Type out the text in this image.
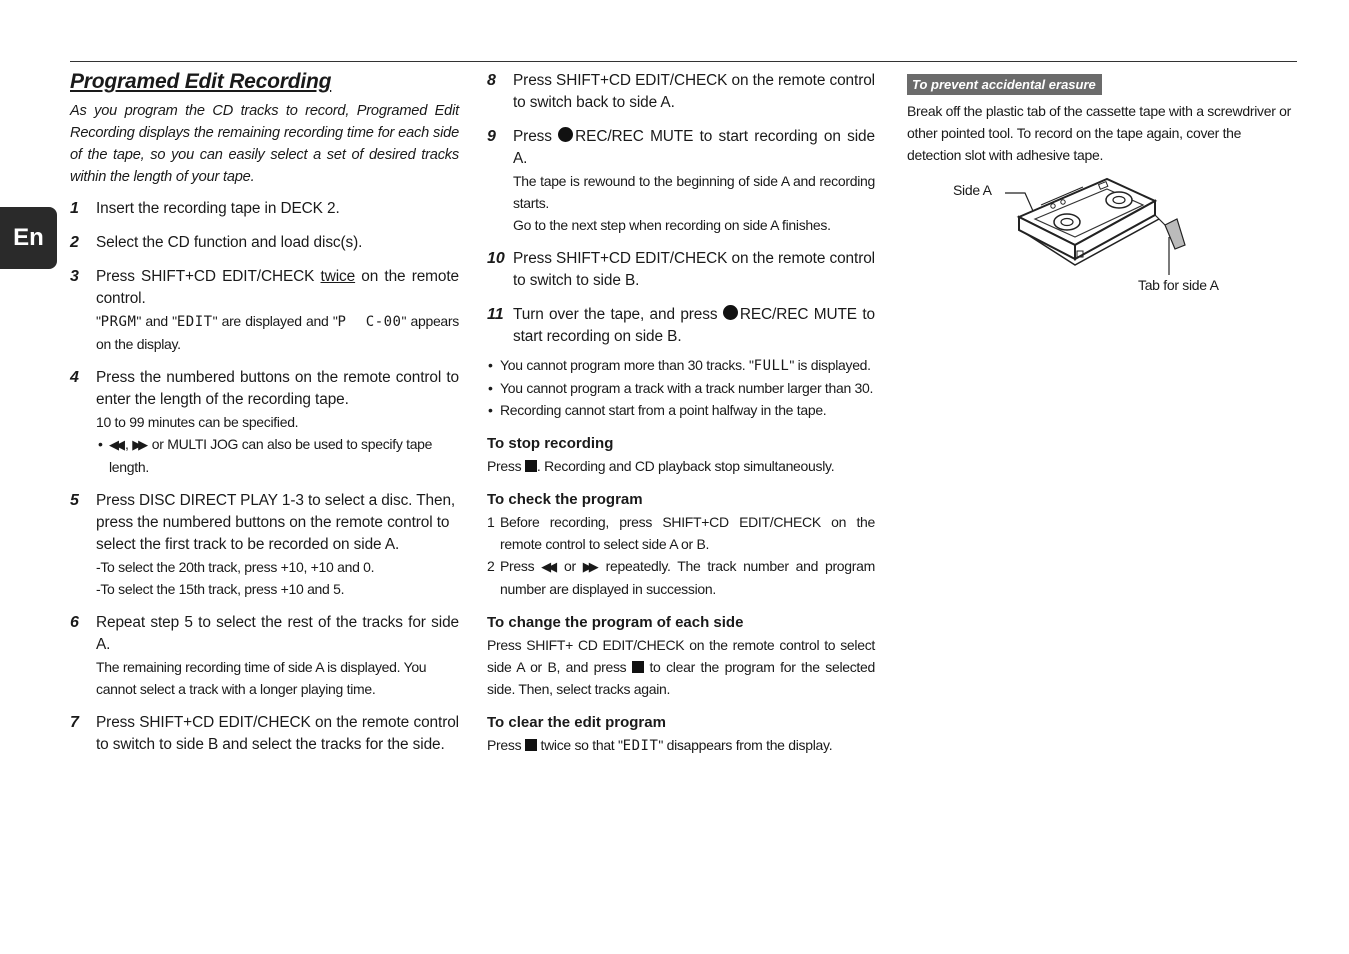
En
Programed Edit Recording

As you program the CD tracks to record, Programed Edit Recording displays the remaining recording time for each side of the tape, so you can easily select a set of desired tracks within the length of your tape.

1 Insert the recording tape in DECK 2.
2 Select the CD function and load disc(s).
3 Press SHIFT+CD EDIT/CHECK twice on the remote control.
"PRGM" and "EDIT" are displayed and "P  C-00" appears on the display.
4 Press the numbered buttons on the remote control to enter the length of the recording tape.
10 to 99 minutes can be specified.
• ◀◀ , ▶▶ or MULTI JOG can also be used to specify tape length.
5 Press DISC DIRECT PLAY 1-3 to select a disc. Then, press the numbered buttons on the remote control to select the first track to be recorded on side A.
-To select the 20th track, press +10, +10 and 0.
-To select the 15th track, press +10 and 5.
6 Repeat step 5 to select the rest of the tracks for side A.
The remaining recording time of side A is displayed. You cannot select a track with a longer playing time.
7 Press SHIFT+CD EDIT/CHECK on the remote control to switch to side B and select the tracks for the side.
8 Press SHIFT+CD EDIT/CHECK on the remote control to switch back to side A.
9 Press REC/REC MUTE to start recording on side A.
The tape is rewound to the beginning of side A and recording starts.
Go to the next step when recording on side A finishes.
10 Press SHIFT+CD EDIT/CHECK on the remote control to switch to side B.
11 Turn over the tape, and press REC/REC MUTE to start recording on side B.
• You cannot program more than 30 tracks. "FULL" is displayed.
• You cannot program a track with a track number larger than 30.
• Recording cannot start from a point halfway in the tape.
To stop recording

Press . Recording and CD playback stop simultaneously.

To check the program
1 Before recording, press SHIFT+CD EDIT/CHECK on the remote control to select side A or B.
2 Press ◀◀ or ▶▶ repeatedly. The track number and program number are displayed in succession.
To change the program of each side

Press SHIFT+ CD EDIT/CHECK on the remote control to select side A or B, and press  to clear the program for the selected side. Then, select tracks again.

To clear the edit program

Press  twice so that "EDIT" disappears from the display.

To prevent accidental erasure

Break off the plastic tab of the cassette tape with a screwdriver or other pointed tool. To record on the tape again, cover the detection slot with adhesive tape.

Side A
Tab for side A
